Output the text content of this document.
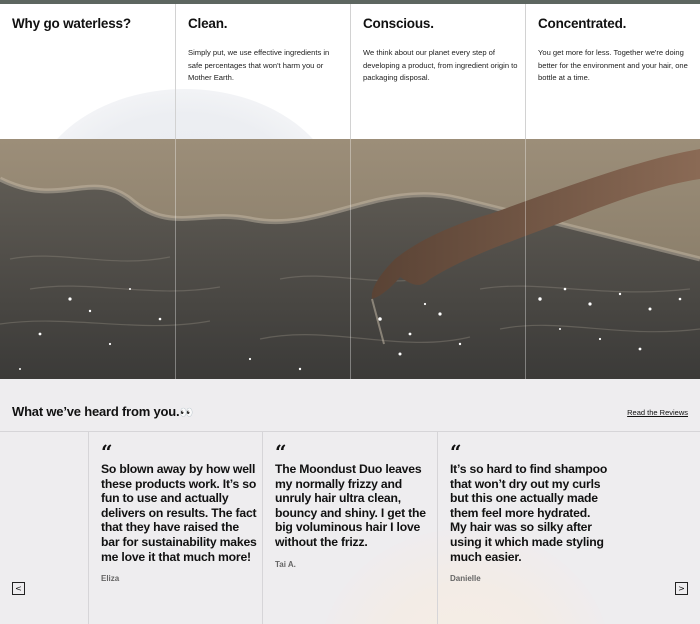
Why go waterless?	Clean.

Simply put, we use effective ingredients in safe percentages that won't harm you or Mother Earth.

Conscious.

We think about our planet every step of developing a product, from ingredient origin to packaging disposal.

Concentrated.

You get more for less. Together we're doing better for the environment and your hair, one bottle at a time.

What we’ve heard from you.👀	Read the Reviews
“

So blown away by how well these products work. It’s so fun to use and actually delivers on results. The fact that they have raised the bar for sustainability makes me love it that much more!

Eliza

“

The Moondust Duo leaves my normally frizzy and unruly hair ultra clean, bouncy and shiny. I get the big voluminous hair I love without the frizz.

Tai A.

“

It’s so hard to find shampoo that won’t dry out my curls but this one actually made them feel more hydrated. My hair was so silky after using it which made styling much easier.

Danielle

<	>
